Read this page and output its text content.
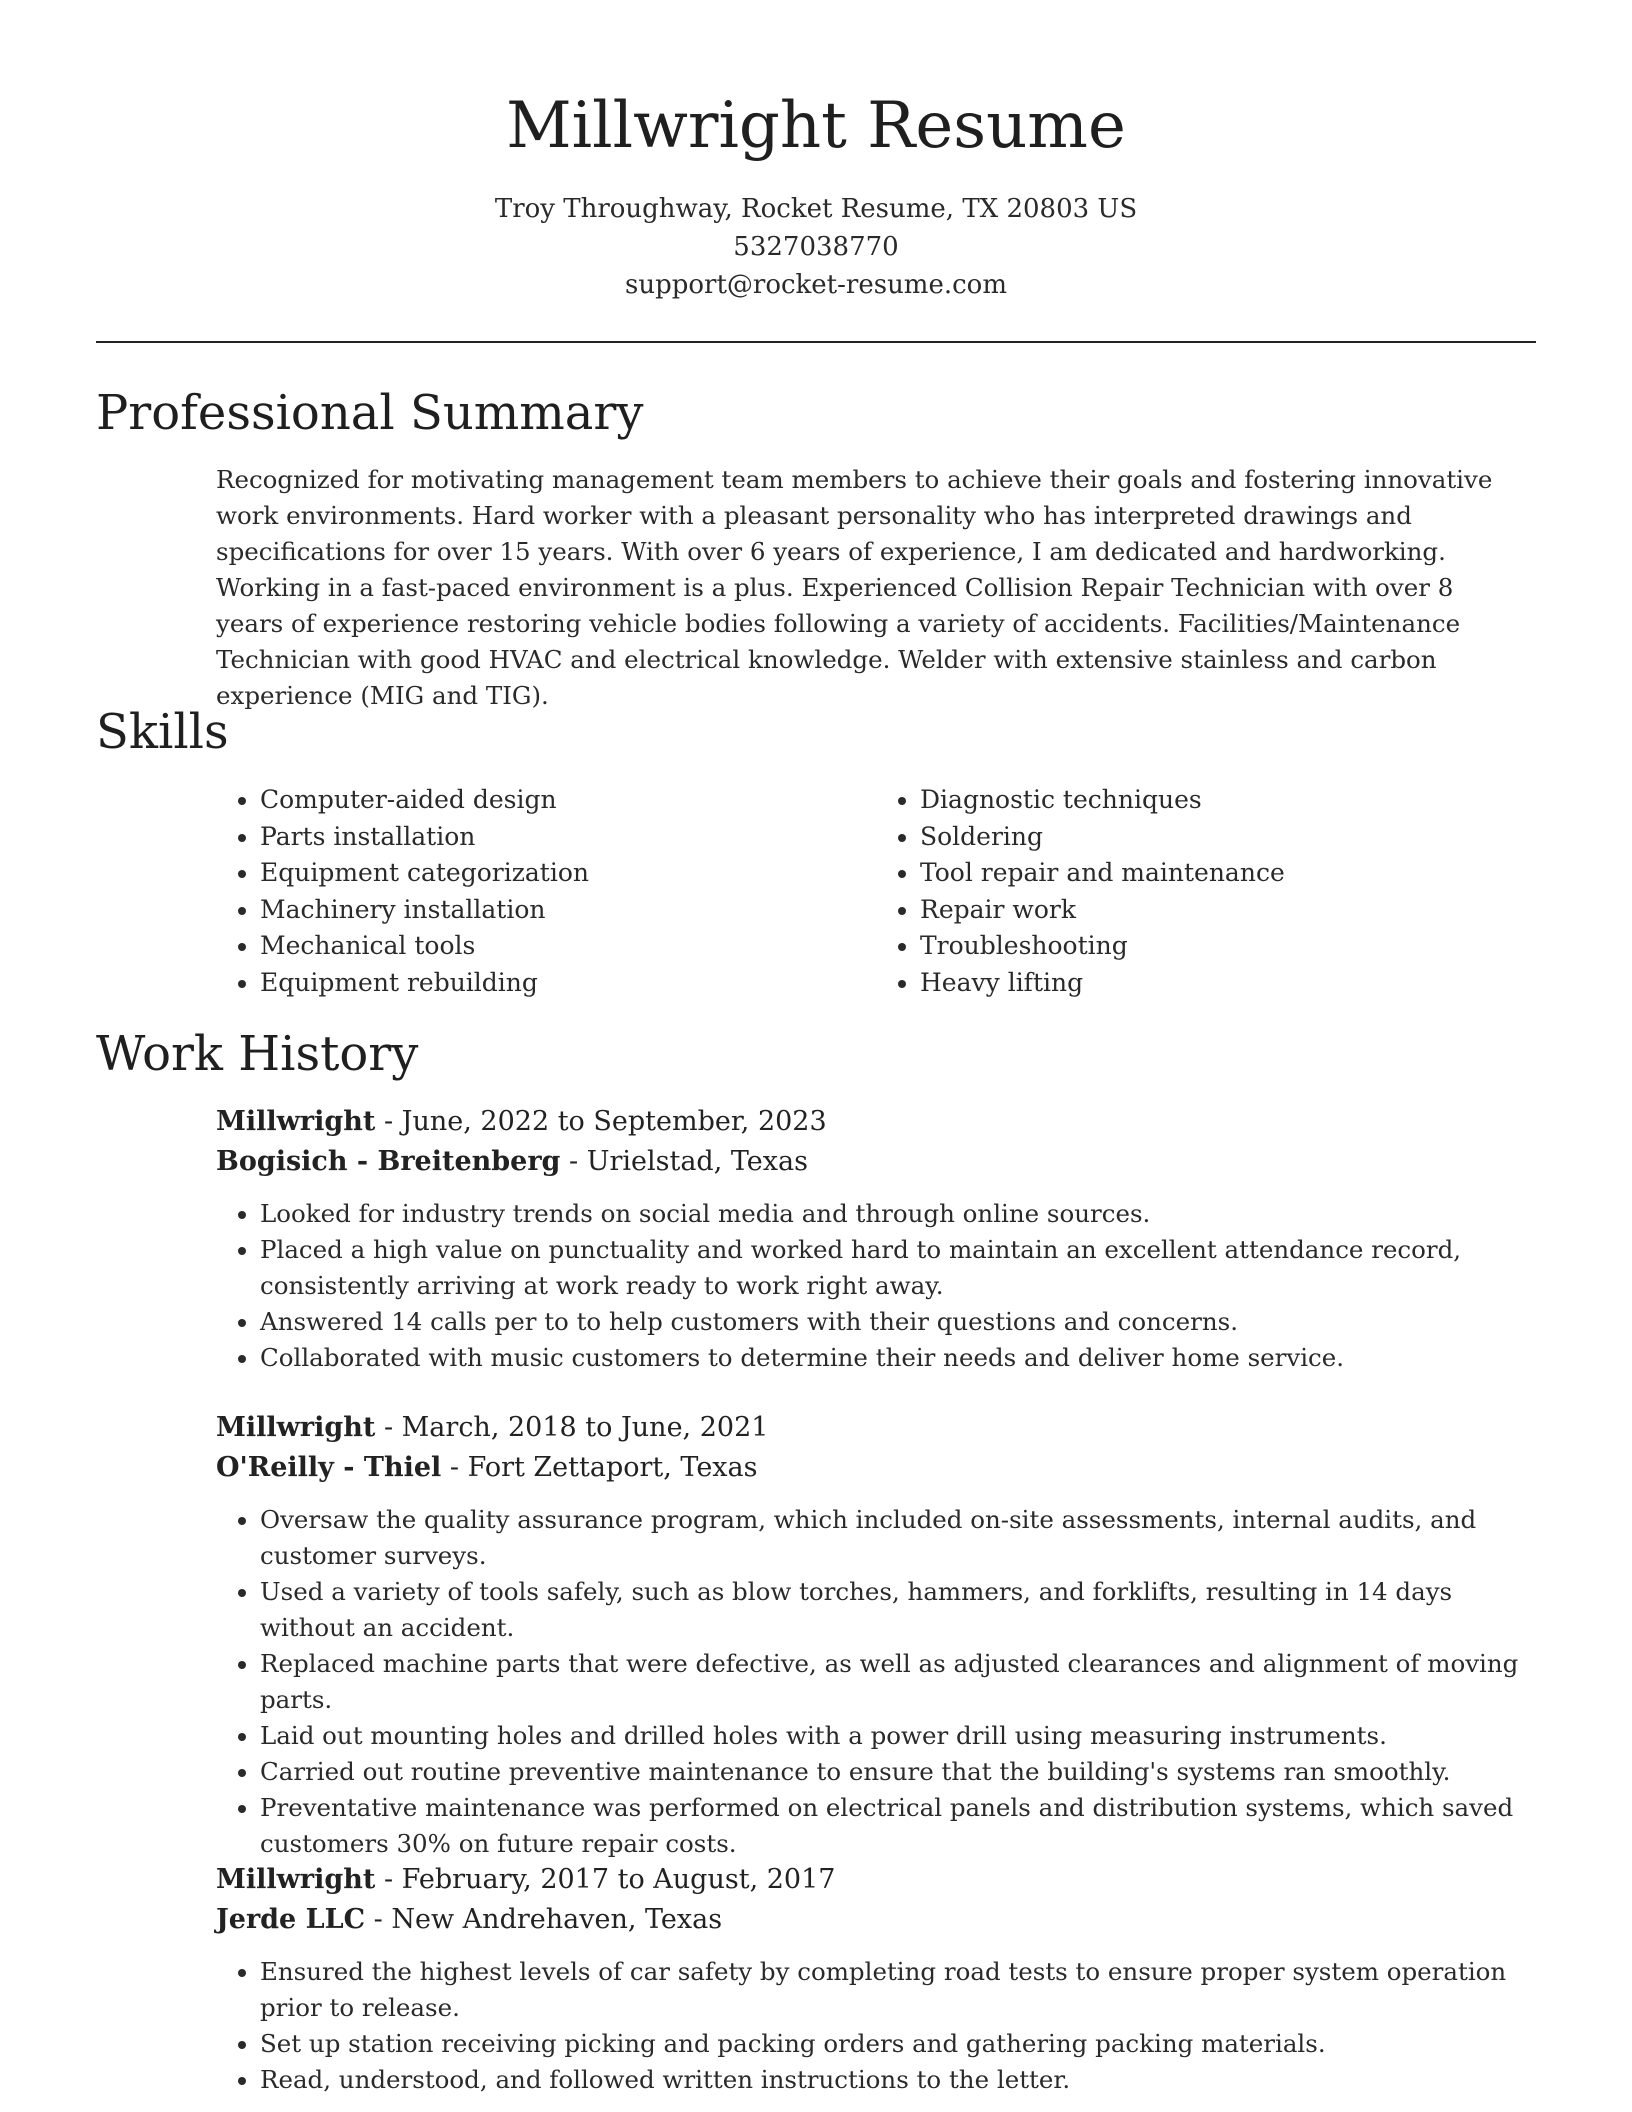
Millwright Resume
Troy Throughway, Rocket Resume, TX 20803 US
5327038770
support@rocket-resume.com
Professional Summary

Recognized for motivating management team members to achieve their goals and fostering innovative work environments. Hard worker with a pleasant personality who has interpreted drawings and specifications for over 15 years. With over 6 years of experience, I am dedicated and hardworking. Working in a fast-paced environment is a plus. Experienced Collision Repair Technician with over 8 years of experience restoring vehicle bodies following a variety of accidents. Facilities/Maintenance Technician with good HVAC and electrical knowledge. Welder with extensive stainless and carbon experience (MIG and TIG).

Skills
• Computer-aided design
• Parts installation
• Equipment categorization
• Machinery installation
• Mechanical tools
• Equipment rebuilding
• Diagnostic techniques
• Soldering
• Tool repair and maintenance
• Repair work
• Troubleshooting
• Heavy lifting
Work History
Millwright - June, 2022 to September, 2023
Bogisich - Breitenberg - Urielstad, Texas
• Looked for industry trends on social media and through online sources.
• Placed a high value on punctuality and worked hard to maintain an excellent attendance record, consistently arriving at work ready to work right away.
• Answered 14 calls per to to help customers with their questions and concerns.
• Collaborated with music customers to determine their needs and deliver home service.
Millwright - March, 2018 to June, 2021
O'Reilly - Thiel - Fort Zettaport, Texas
• Oversaw the quality assurance program, which included on-site assessments, internal audits, and customer surveys.
• Used a variety of tools safely, such as blow torches, hammers, and forklifts, resulting in 14 days without an accident.
• Replaced machine parts that were defective, as well as adjusted clearances and alignment of moving parts.
• Laid out mounting holes and drilled holes with a power drill using measuring instruments.
• Carried out routine preventive maintenance to ensure that the building's systems ran smoothly.
• Preventative maintenance was performed on electrical panels and distribution systems, which saved customers 30% on future repair costs.
Millwright - February, 2017 to August, 2017
Jerde LLC - New Andrehaven, Texas
• Ensured the highest levels of car safety by completing road tests to ensure proper system operation prior to release.
• Set up station receiving picking and packing orders and gathering packing materials.
• Read, understood, and followed written instructions to the letter.
